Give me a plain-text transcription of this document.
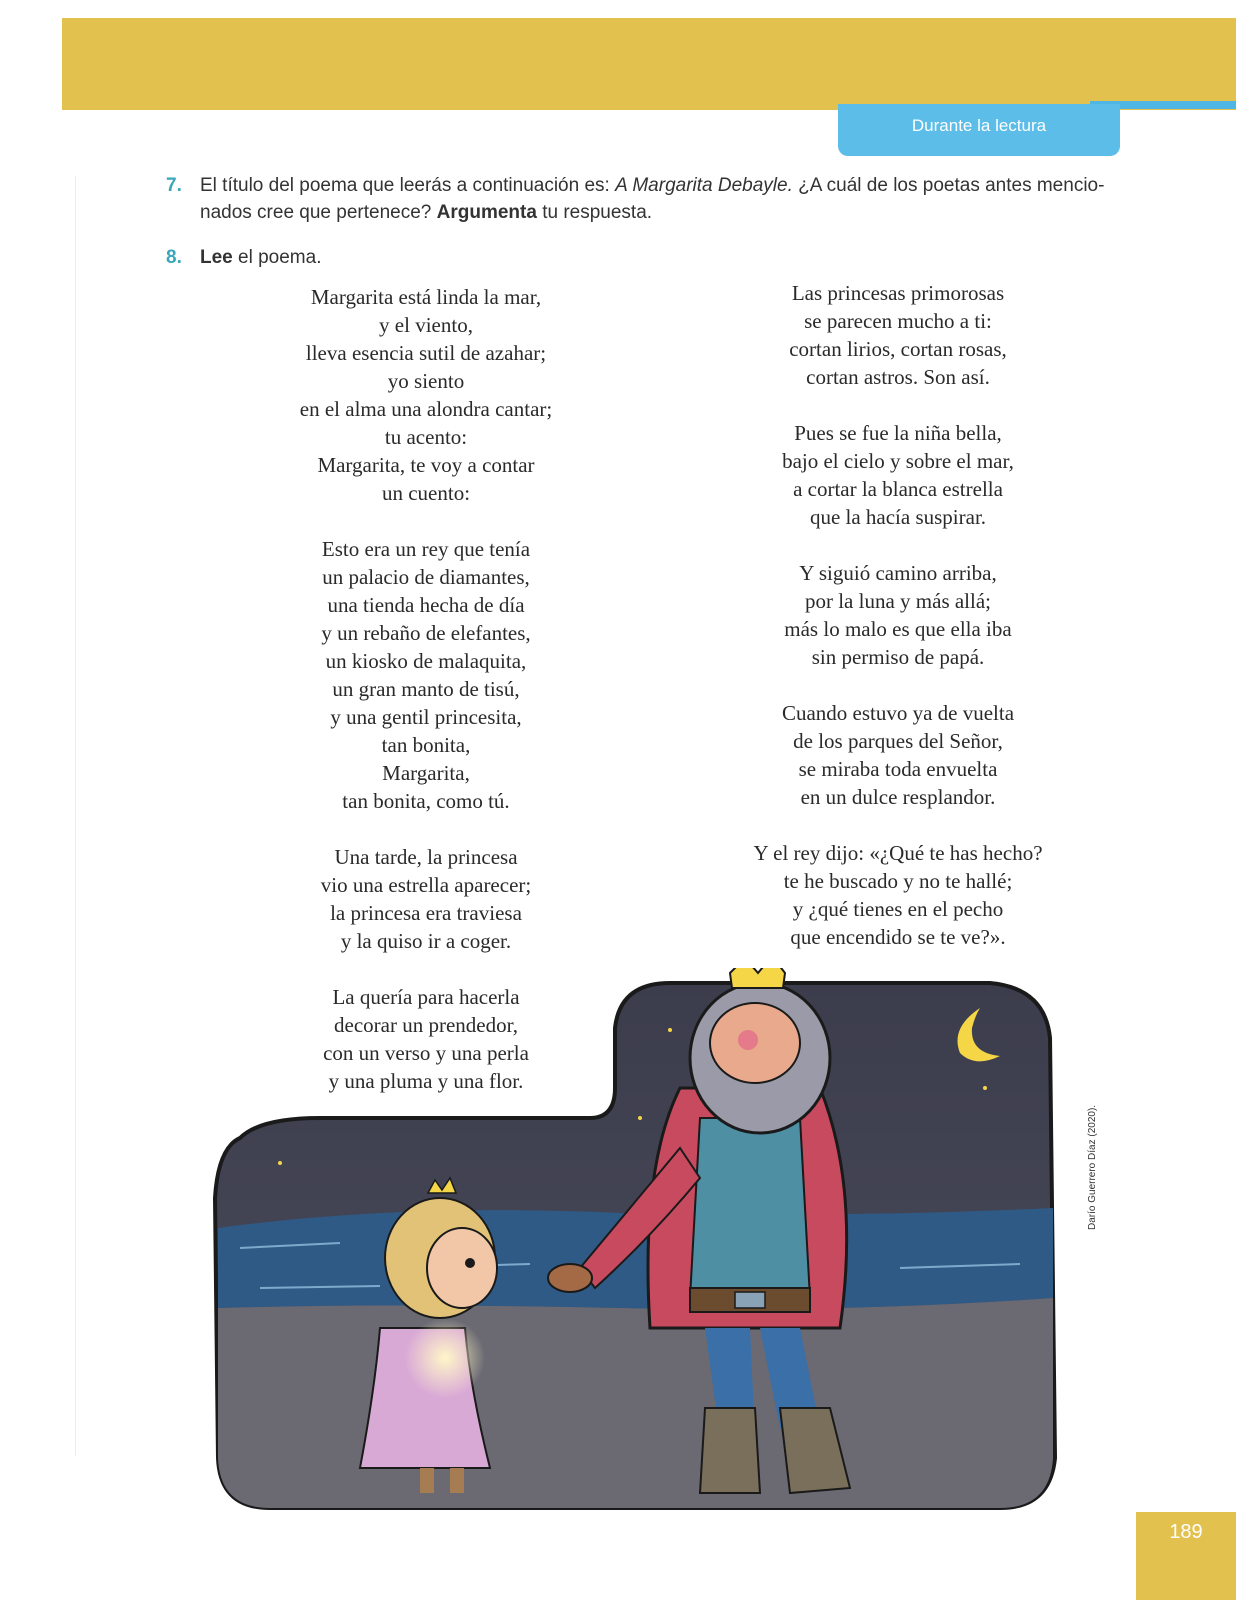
Durante la lectura
7. El título del poema que leerás a continuación es: A Margarita Debayle. ¿A cuál de los poetas antes mencio-
nados cree que pertenece? Argumenta tu respuesta.
8. Lee el poema.
Margarita está linda la mar,
y el viento,
lleva esencia sutil de azahar;
yo siento
en el alma una alondra cantar;
tu acento:
Margarita, te voy a contar
un cuento:
Esto era un rey que tenía
un palacio de diamantes,
una tienda hecha de día
y un rebaño de elefantes,
un kiosko de malaquita,
un gran manto de tisú,
y una gentil princesita,
tan bonita,
Margarita,
tan bonita, como tú.
Una tarde, la princesa
vio una estrella aparecer;
la princesa era traviesa
y la quiso ir a coger.
La quería para hacerla
decorar un prendedor,
con un verso y una perla
y una pluma y una flor.
Las princesas primorosas
se parecen mucho a ti:
cortan lirios, cortan rosas,
cortan astros. Son así.
Pues se fue la niña bella,
bajo el cielo y sobre el mar,
a cortar la blanca estrella
que la hacía suspirar.
Y siguió camino arriba,
por la luna y más allá;
más lo malo es que ella iba
sin permiso de papá.
Cuando estuvo ya de vuelta
de los parques del Señor,
se miraba toda envuelta
en un dulce resplandor.
Y el rey dijo: «¿Qué te has hecho?
te he buscado y no te hallé;
y ¿qué tienes en el pecho
que encendido se te ve?».
Darío Guerrero Díaz (2020).
189
